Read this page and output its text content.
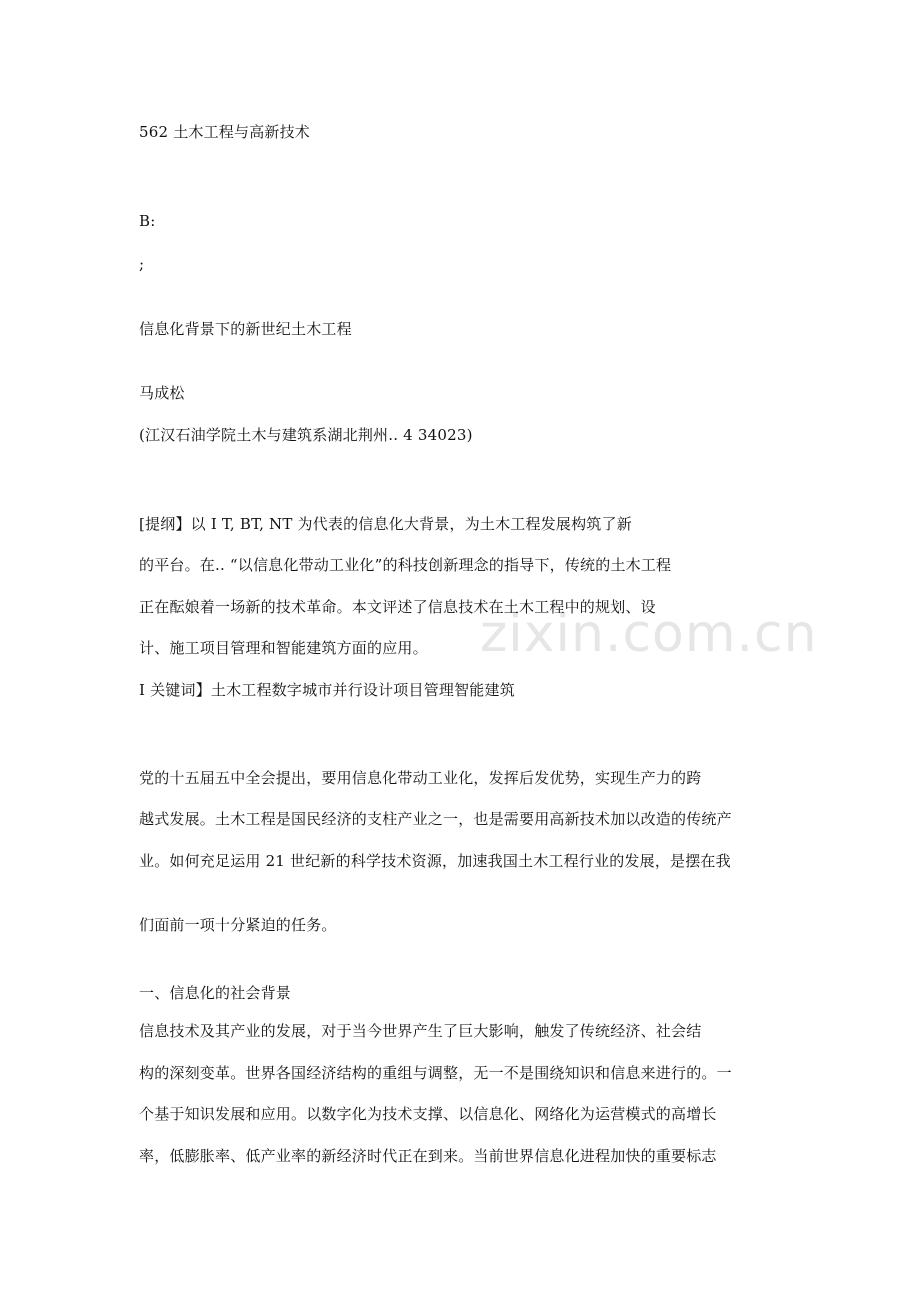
zixin.com.cn
562 土木工程与高新技术
B:
;
信息化背景下的新世纪土木工程
马成松
(江汉石油学院土木与建筑系湖北荆州.. 4 34023)
[提纲】以 I T, BT, NT 为代表的信息化大背景，为土木工程发展构筑了新
的平台。在.. “以信息化带动工业化”的科技创新理念的指导下，传统的土木工程
正在酝娘着一场新的技术革命。本文评述了信息技术在土木工程中的规划、设
计、施工项目管理和智能建筑方面的应用。
I 关键词】土木工程数字城市并行设计项目管理智能建筑
党的十五届五中全会提出，要用信息化带动工业化，发挥后发优势，实现生产力的跨
越式发展。土木工程是国民经济的支柱产业之一，也是需要用高新技术加以改造的传统产
业。如何充足运用 21 世纪新的科学技术资源，加速我国土木工程行业的发展，是摆在我
们面前一项十分紧迫的任务。
一、信息化的社会背景
信息技术及其产业的发展，对于当今世界产生了巨大影响，触发了传统经济、社会结
构的深刻变革。世界各国经济结构的重组与调整，无一不是围绕知识和信息来进行的。一
个基于知识发展和应用。以数字化为技术支撑、以信息化、网络化为运营模式的高增长
率，低膨胀率、低产业率的新经济时代正在到来。当前世界信息化进程加快的重要标志
